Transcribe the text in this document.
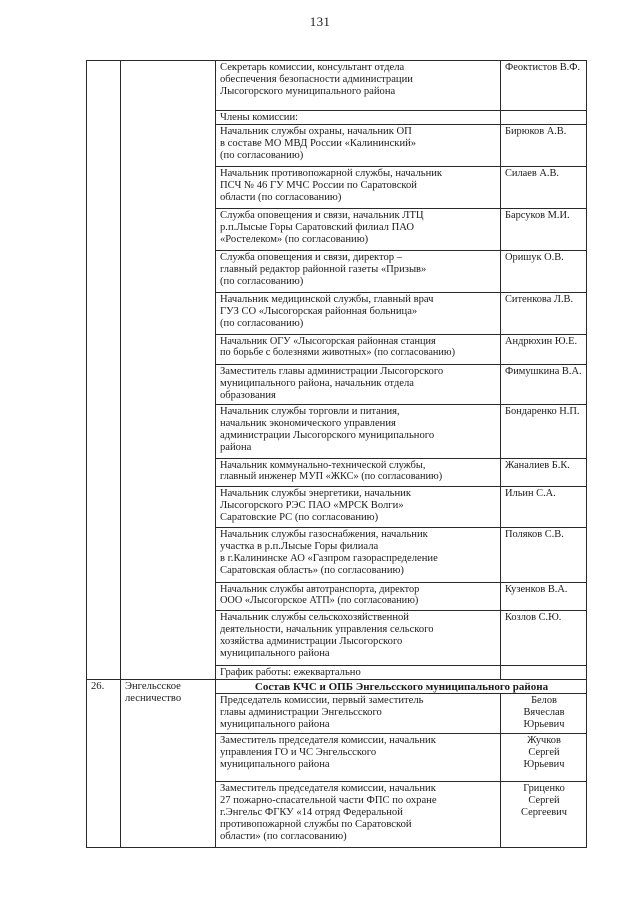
131
		Секретарь комиссии, консультант отдела
обеспечения безопасности администрации
Лысогорского муниципального района	Феоктистов В.Ф.
		Члены комиссии:	
		Начальник службы охраны, начальник ОП
в составе МО МВД России «Калининский»
(по согласованию)	Бирюков А.В.
		Начальник противопожарной службы, начальник
ПСЧ № 46 ГУ МЧС России по Саратовской
области (по согласованию)	Силаев А.В.
		Служба оповещения и связи, начальник ЛТЦ
р.п.Лысые Горы Саратовский филиал ПАО
«Ростелеком» (по согласованию)	Барсуков М.И.
		Служба оповещения и связи, директор –
главный редактор районной газеты «Призыв»
(по согласованию)	Оришук О.В.
		Начальник медицинской службы, главный врач
ГУЗ СО «Лысогорская районная больница»
(по согласованию)	Ситенкова Л.В.
		Начальник ОГУ «Лысогорская районная станция
по борьбе с болезнями животных» (по согласованию)	Андрюхин Ю.Е.
		Заместитель главы администрации Лысогорского
муниципального района, начальник отдела
образования	Фимушкина В.А.
		Начальник службы торговли и питания,
начальник экономического управления
администрации Лысогорского муниципального
района	Бондаренко Н.П.
		Начальник коммунально-технической службы,
главный инженер МУП «ЖКС» (по согласованию)	Жаналиев Б.К.
		Начальник службы энергетики, начальник
Лысогорского РЭС ПАО «МРСК Волги»
Саратовские РС (по согласованию)	Ильин С.А.
		Начальник службы газоснабжения, начальник
участка в р.п.Лысые Горы филиала
в г.Калининске АО «Газпром газораспределение
Саратовская область» (по согласованию)	Поляков С.В.
		Начальник службы автотранспорта, директор
ООО «Лысогорское АТП» (по согласованию)	Кузенков В.А.
		Начальник службы сельскохозяйственной
деятельности, начальник управления сельского
хозяйства администрации Лысогорского
муниципального района	Козлов С.Ю.
		График работы: ежеквартально	
26.	Энгельсское
лесничество	Состав КЧС и ОПБ Энгельсского муниципального района	
		Председатель комиссии, первый заместитель
главы администрации Энгельсского
муниципального района	Белов
Вячеслав
Юрьевич
		Заместитель председателя комиссии, начальник
управления ГО и ЧС Энгельсского
муниципального района	Жучков
Сергей
Юрьевич
		Заместитель председателя комиссии, начальник
27 пожарно-спасательной части ФПС по охране
г.Энгельс ФГКУ «14 отряд Федеральной
противопожарной службы по Саратовской
области» (по согласованию)	Гриценко
Сергей
Сергеевич
